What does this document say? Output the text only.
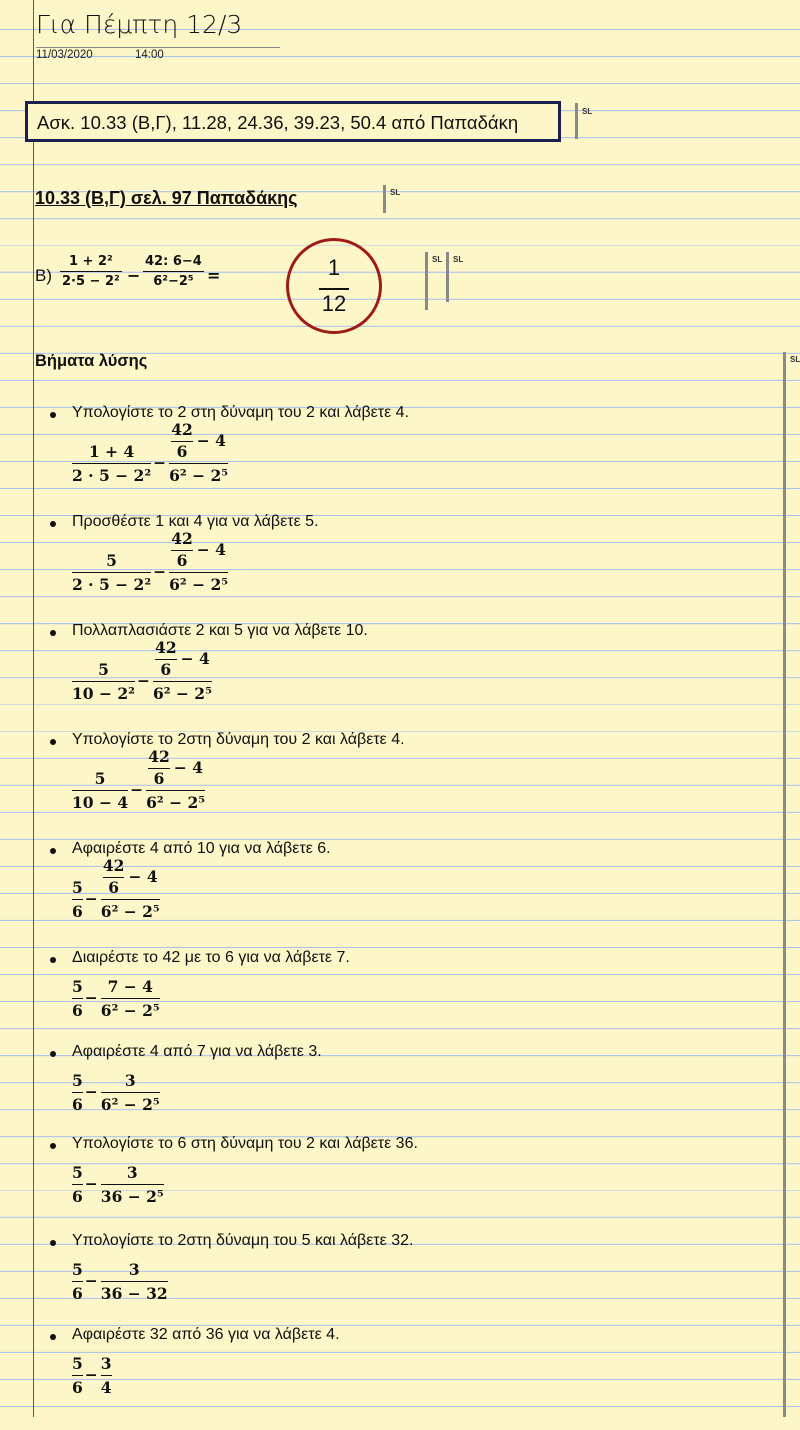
Για Πέμπτη 12/3
11/03/2020	14:00
Ασκ. 10.33 (Β,Γ), 11.28, 24.36, 39.23, 50.4 από Παπαδάκη
SL
10.33 (Β,Γ) σελ. 97 Παπαδάκης	SL
$B) \frac{\text{1 + 2²}}{\text{2·5 − 2²}} - \frac{42: 6-4}{\text{6²−2⁵}}$ =	1
12
SL SL
Βήματα λύσης	SL
Υπολογίστε το 2 στη δύναμη του 2 και λάβετε 4.
$\frac{1 + 4}{\text{2 · 5 − 2²}} - \frac{\frac{42}{6} - 4}{\text{6² − 2⁵}}$
Προσθέστε 1 και 4 για να λάβετε 5.
$\frac{5}{\text{2 · 5 − 2²}} - \frac{\frac{42}{6} - 4}{\text{6² − 2⁵}}$
Πολλαπλασιάστε 2 και 5 για να λάβετε 10.
$\frac{5}{\text{10 − 2²}} - \frac{\frac{42}{6} - 4}{\text{6² − 2⁵}}$
Υπολογίστε το 2στη δύναμη του 2 και λάβετε 4.
$\frac{5}{10 - 4} - \frac{\frac{42}{6} - 4}{\text{6² − 2⁵}}$
Αφαιρέστε 4 από 10 για να λάβετε 6.
$\frac{5}{6} - \frac{\frac{42}{6} - 4}{\text{6² − 2⁵}}$
Διαιρέστε το 42 με το 6 για να λάβετε 7.
$\frac{5}{6} - \frac{7 - 4}{\text{6² − 2⁵}}$
Αφαιρέστε 4 από 7 για να λάβετε 3.
$\frac{5}{6} - \frac{3}{\text{6² − 2⁵}}$
Υπολογίστε το 6 στη δύναμη του 2 και λάβετε 36.
$\frac{5}{6} - \frac{3}{\text{36 − 2⁵}}$
Υπολογίστε το 2στη δύναμη του 5 και λάβετε 32.
$\frac{5}{6} - \frac{3}{36 - 32}$
Αφαιρέστε 32 από 36 για να λάβετε 4.
$\frac{5}{6} - \frac{3}{4}$
